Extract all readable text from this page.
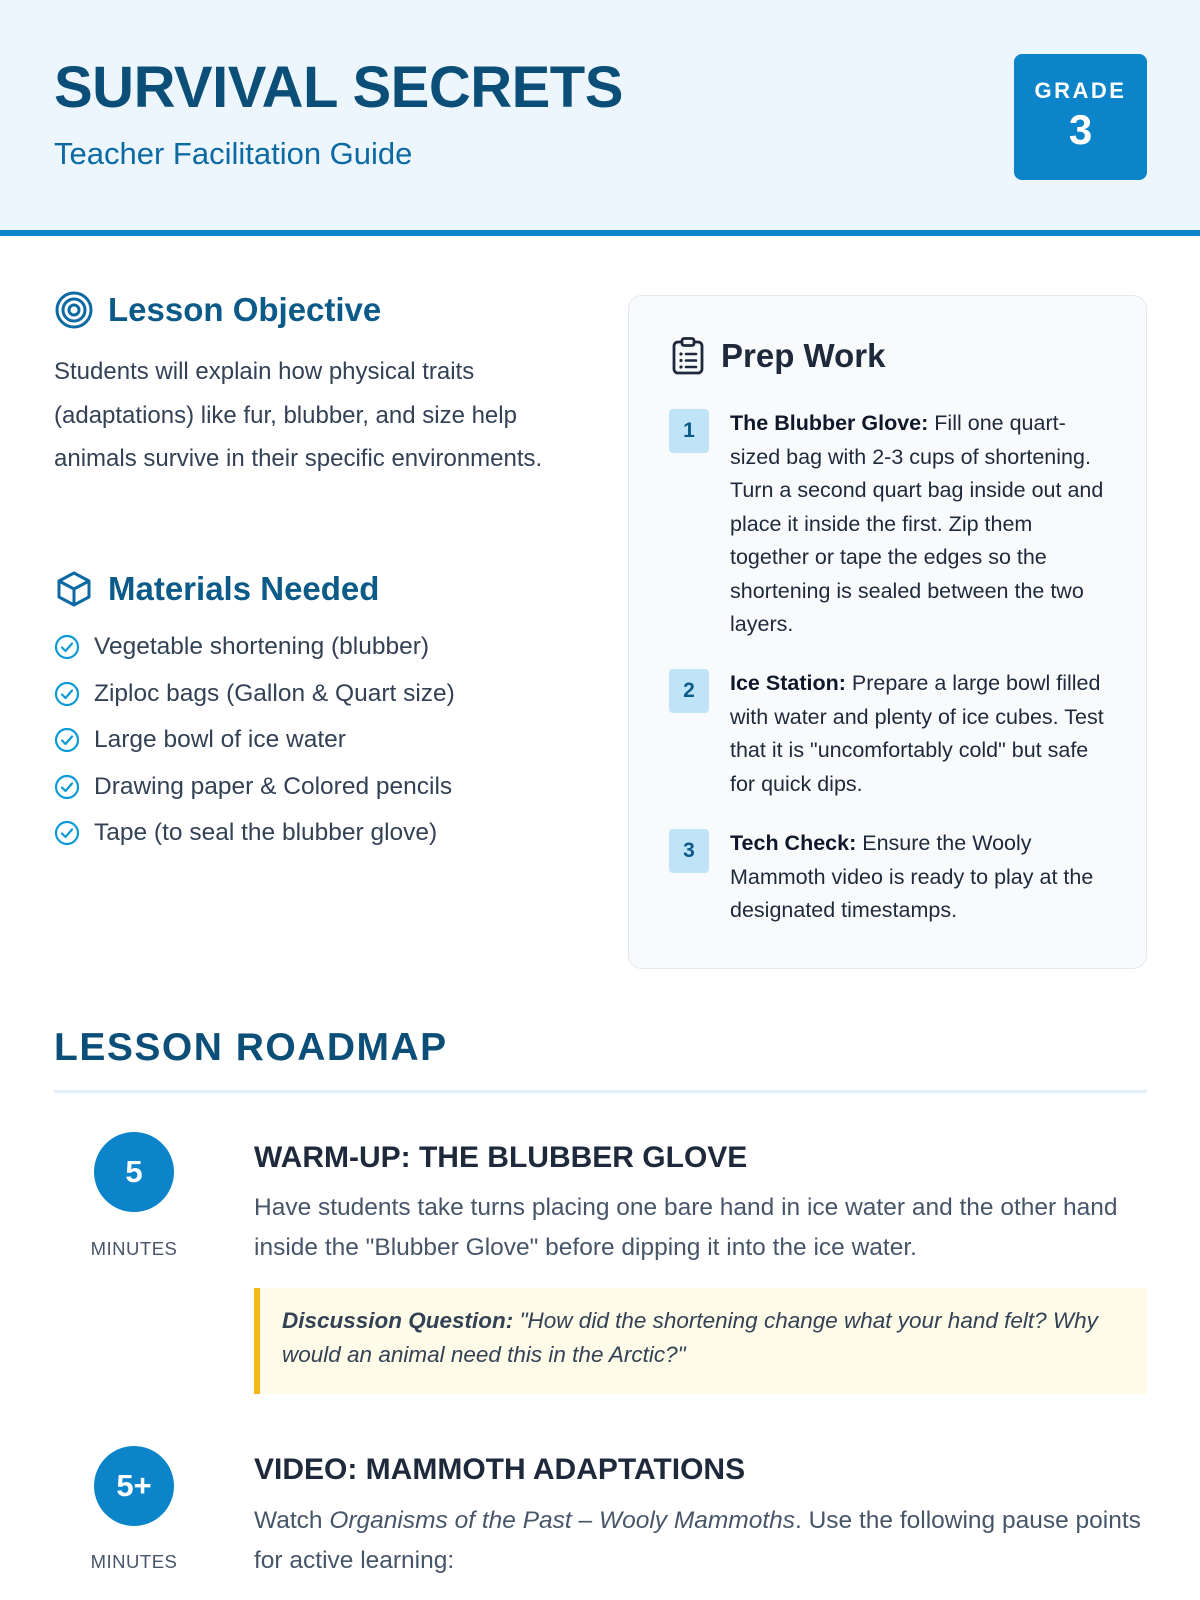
SURVIVAL SECRETS
Teacher Facilitation Guide
GRADE
3
Lesson Objective

Students will explain how physical traits (adaptations) like fur, blubber, and size help animals survive in their specific environments.

Materials Needed
Vegetable shortening (blubber)
Ziploc bags (Gallon & Quart size)
Large bowl of ice water
Drawing paper & Colored pencils
Tape (to seal the blubber glove)
Prep Work
1	The Blubber Glove: Fill one quart-sized bag with 2-3 cups of shortening. Turn a second quart bag inside out and place it inside the first. Zip them together or tape the edges so the shortening is sealed between the two layers.
2	Ice Station: Prepare a large bowl filled with water and plenty of ice cubes. Test that it is "uncomfortably cold" but safe for quick dips.
3	Tech Check: Ensure the Wooly Mammoth video is ready to play at the designated timestamps.
LESSON ROADMAP
5
MINUTES
WARM-UP: THE BLUBBER GLOVE

Have students take turns placing one bare hand in ice water and the other hand inside the "Blubber Glove" before dipping it into the ice water.

Discussion Question: "How did the shortening change what your hand felt? Why would an animal need this in the Arctic?"
5+
MINUTES
VIDEO: MAMMOTH ADAPTATIONS

Watch Organisms of the Past – Wooly Mammoths. Use the following pause points for active learning:
